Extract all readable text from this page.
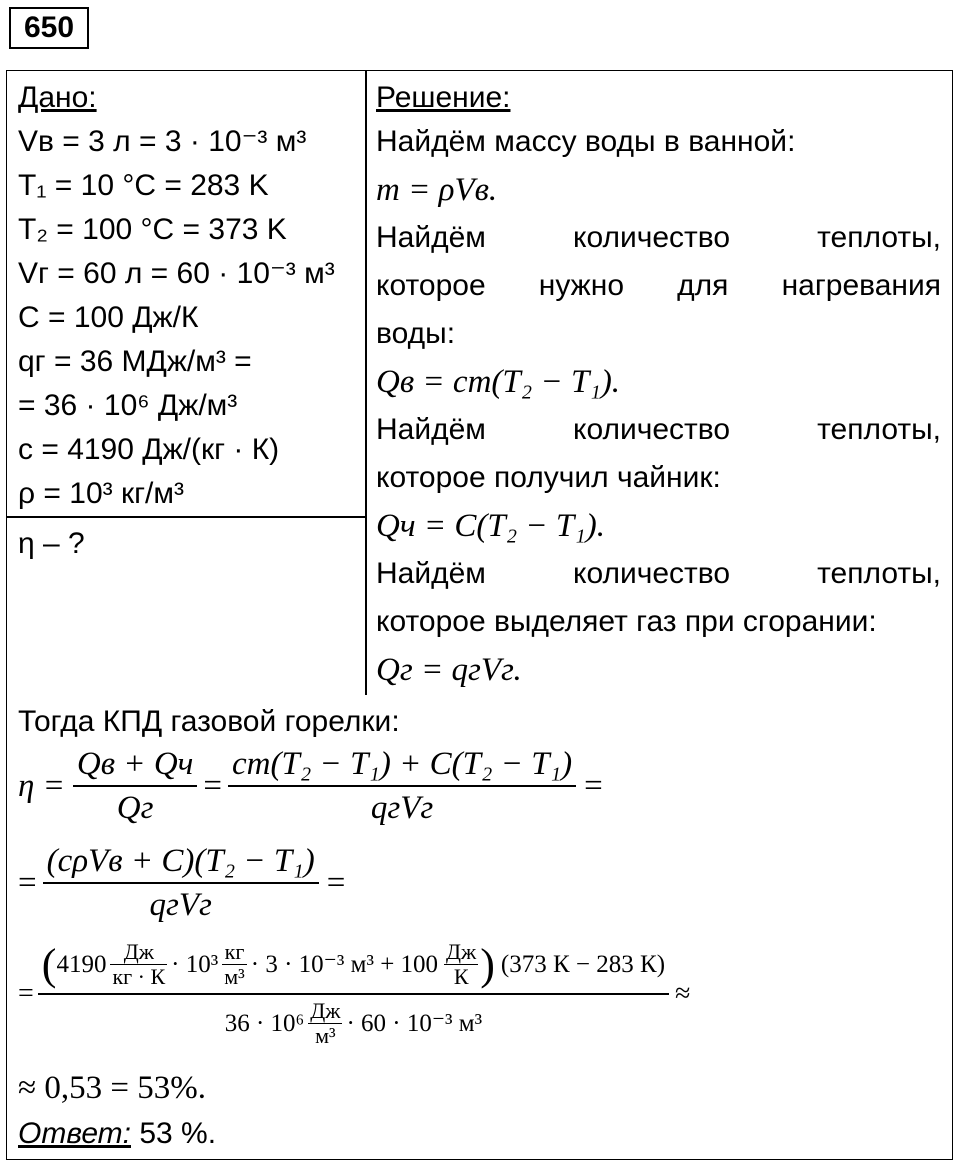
650
Дано:
Vв = 3 л = 3 · 10⁻³ м³
T₁ = 10 °C = 283 K
T₂ = 100 °C = 373 K
Vг = 60 л = 60 · 10⁻³ м³
C = 100 Дж/К
qг = 36 МДж/м³ =
= 36 · 10⁶ Дж/м³
c = 4190 Дж/(кг · К)
ρ = 10³ кг/м³
η – ?
Решение:
Найдём массу воды в ванной:
m = ρVв.
Найдём	количество	теплоты,
которое нужно для нагревания
воды:
Qв = cm(T₂ − T₁).
Найдём	количество	теплоты,
которое получил чайник:
Qч = C(T₂ − T₁).
Найдём	количество	теплоты,
которое выделяет газ при сгорании:
Qг = qгVг.
Тогда КПД газовой горелки:
$\eta = \frac{Qв + Qч}{Qг} = \frac{\text{cm(T₂ − T₁) + C(T₂ − T₁)}}{\text{qгVг}}$ =
= $\frac{\text{(cρVв + C)(T₂ − T₁)}}{\text{qгVг}}$ =
=
( 4190 Дж
кг · К · 10³ кг
м³ · 3 · 10⁻³ м³ + 100 Дж
К ) (373 К − 283 К)
36 · 10⁶ Дж
м³ · 60 · 10⁻³ м³
≈
≈ 0,53 = 53%.
Ответ: 53 %.
